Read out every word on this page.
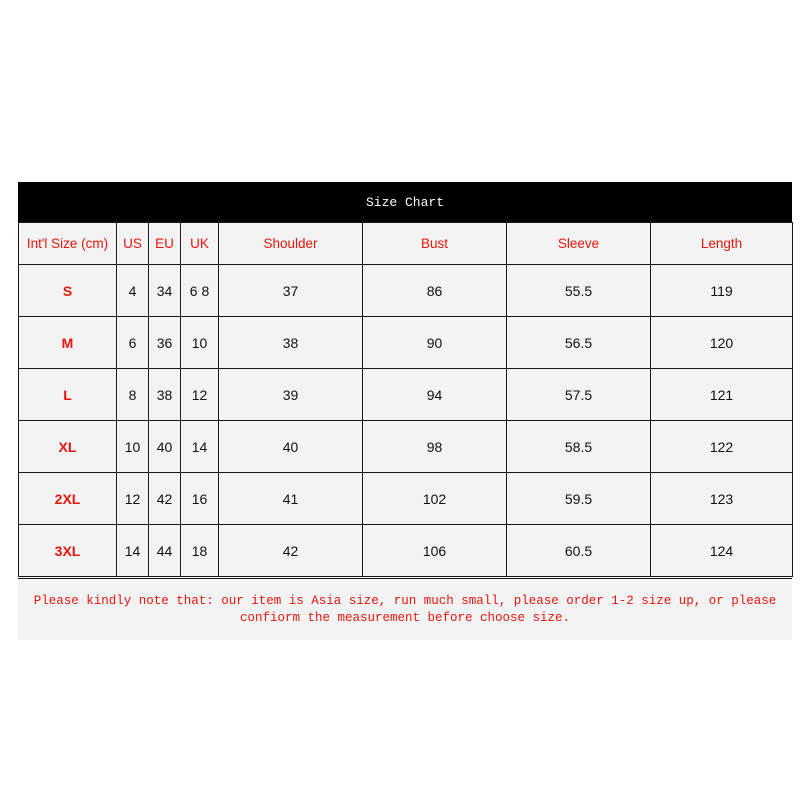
Size Chart
Int'l Size (cm)	US	EU	UK	Shoulder	Bust	Sleeve	Length
S	4	34	6 8	37	86	55.5	119
M	6	36	10	38	90	56.5	120
L	8	38	12	39	94	57.5	121
XL	10	40	14	40	98	58.5	122
2XL	12	42	16	41	102	59.5	123
3XL	14	44	18	42	106	60.5	124
Please kindly note that: our item is Asia size, run much small, please order 1-2 size up, or please confiorm the measurement before choose size.
